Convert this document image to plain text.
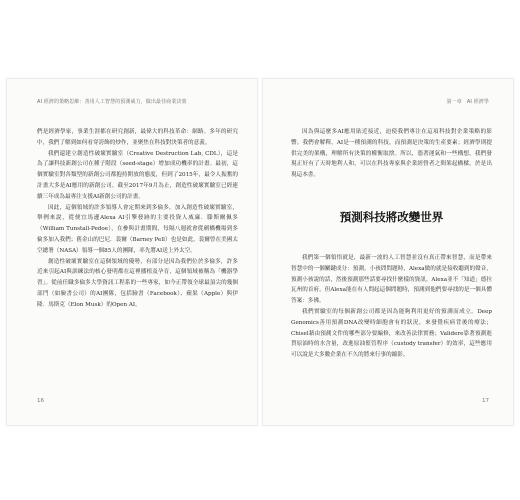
AI 經濟的策略思維：善用人工智慧的預測威力，做出最佳商業決策

們是經濟學家，事業生涯都在研究創新，最偉大的科技革命：網路。多年的研究中，我們了解到如何看穿誇飾的炒作，並聚焦在科技對決策者的意義。

我們還建立創造性破壞實驗室（Creative Destruction Lab, CDL），這是為了讓科技新創公司在種子階段（seed-stage）增加成功機率的計畫。最初，這個實驗室對各類型的新創公司都抱持開放的態度，但到了2015年，最令人振奮的計畫大多是AI應用的新創公司。截至2017年9月為止，創造性破壞實驗室已經連續三年成為最專注支援AI新創公司的計畫。

因此，這個領域的許多領導人會定期來到多倫多，加入創造性破壞實驗室，舉例來說，從便宜馬遜Alexa AI引擎發跡的主要投資人威廉．滕斯爾佩多（William Tunstall-Pedoe），在參與計畫期間，每隔八週就會從劍橋機場到多倫多加入我們；舊金山的巴尼．裴爾（Barney Pell）也是如此，裴爾曾在美國太空總署（NASA）領導一個85人的團隊，率先將AI送上外太空。

創造性破壞實驗室在這個領域的優勢，有部分是因為我們位於多倫多，許多近來引起AI與訓練法的核心發明都在這裡播植及孕育，這個領域被稱為「機器學習」。從前任職多倫多大學資訊工程系的一些專家，如今正帶領全球最頂尖的幾個部門（如臉書公司）的AI團隊，包括臉書（Facebook）、蘋果（Apple）與伊隆．馬斯克（Elon Musk）的Open AI。

16
第一章　AI 經濟學

因為與這麼多AI應用貼近接近，迫使我們專注在這項科技對企業策略的影響。我們會解釋，AI是一種預測的科技，而預測是決策的生產要素；經濟學則提供完美的架構，理解所有決策的權衡取捨。所以，憑著運氣和一些構想，我們發現正好有了天時地利人和，可以在科技專家與企業經營者之間架起橋樑，於是出現這本書。

預測科技將改變世界

我們第一個領悟就是，最新一波的人工智慧並沒有真正帶來智慧，而是帶來智慧中的一個關鍵成分：預測。小孩問問題時，Alexa做的就是接收聽到的聲音，預測小孩說的話，然後預測那些話要尋找什麼樣的資訊。Alexa並不「知道」德拉瓦州的首府，但Alexa能在有人問起這個問題時，預測到他們要尋找的是一個具體答案：多佛。

我們實驗室的每個新創公司都是因為能夠利用更好的預測而成立。Deep Genomics善用預測DNA改變時細胞會有的狀況，來發覺疾病背後的療法；Chisel藉由預測文件的哪些部分要編修，來改善法律實務；Validere靠著預測進貨原油時的水含量，改進原油監管程序（custody transfer）的效率，這些應用可以說是大多數企業在不久的將來行事的縮影。

17
